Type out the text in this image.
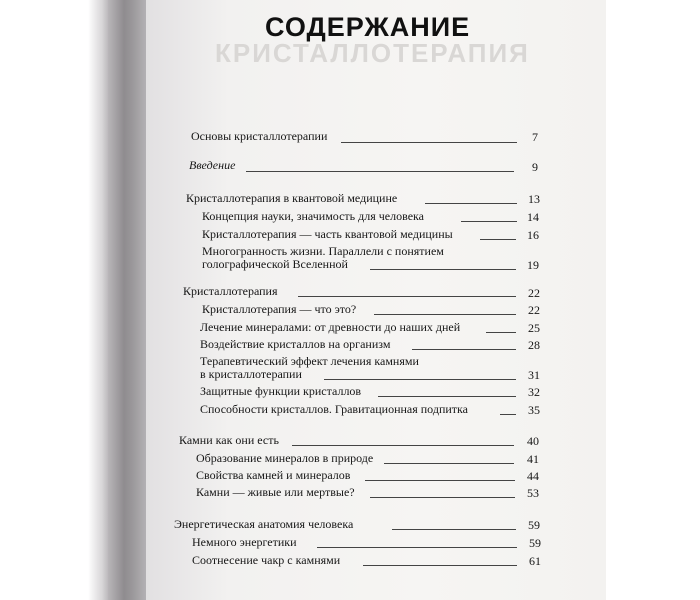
КРИСТАЛЛОТЕРАПИЯ
СОДЕРЖАНИЕ
Основы кристаллотерапии	7
Введение	9
Кристаллотерапия в квантовой медицине	13
Концепция науки, значимость для человека	14
Кристаллотерапия — часть квантовой медицины	16
Многогранность жизни. Параллели с понятием
голографической Вселенной	19
Кристаллотерапия	22
Кристаллотерапия — что это?	22
Лечение минералами: от древности до наших дней	25
Воздействие кристаллов на организм	28
Терапевтический эффект лечения камнями
в кристаллотерапии	31
Защитные функции кристаллов	32
Способности кристаллов. Гравитационная подпитка	35
Камни как они есть	40
Образование минералов в природе	41
Свойства камней и минералов	44
Камни — живые или мертвые?	53
Энергетическая анатомия человека	59
Немного энергетики	59
Соотнесение чакр с камнями	61
